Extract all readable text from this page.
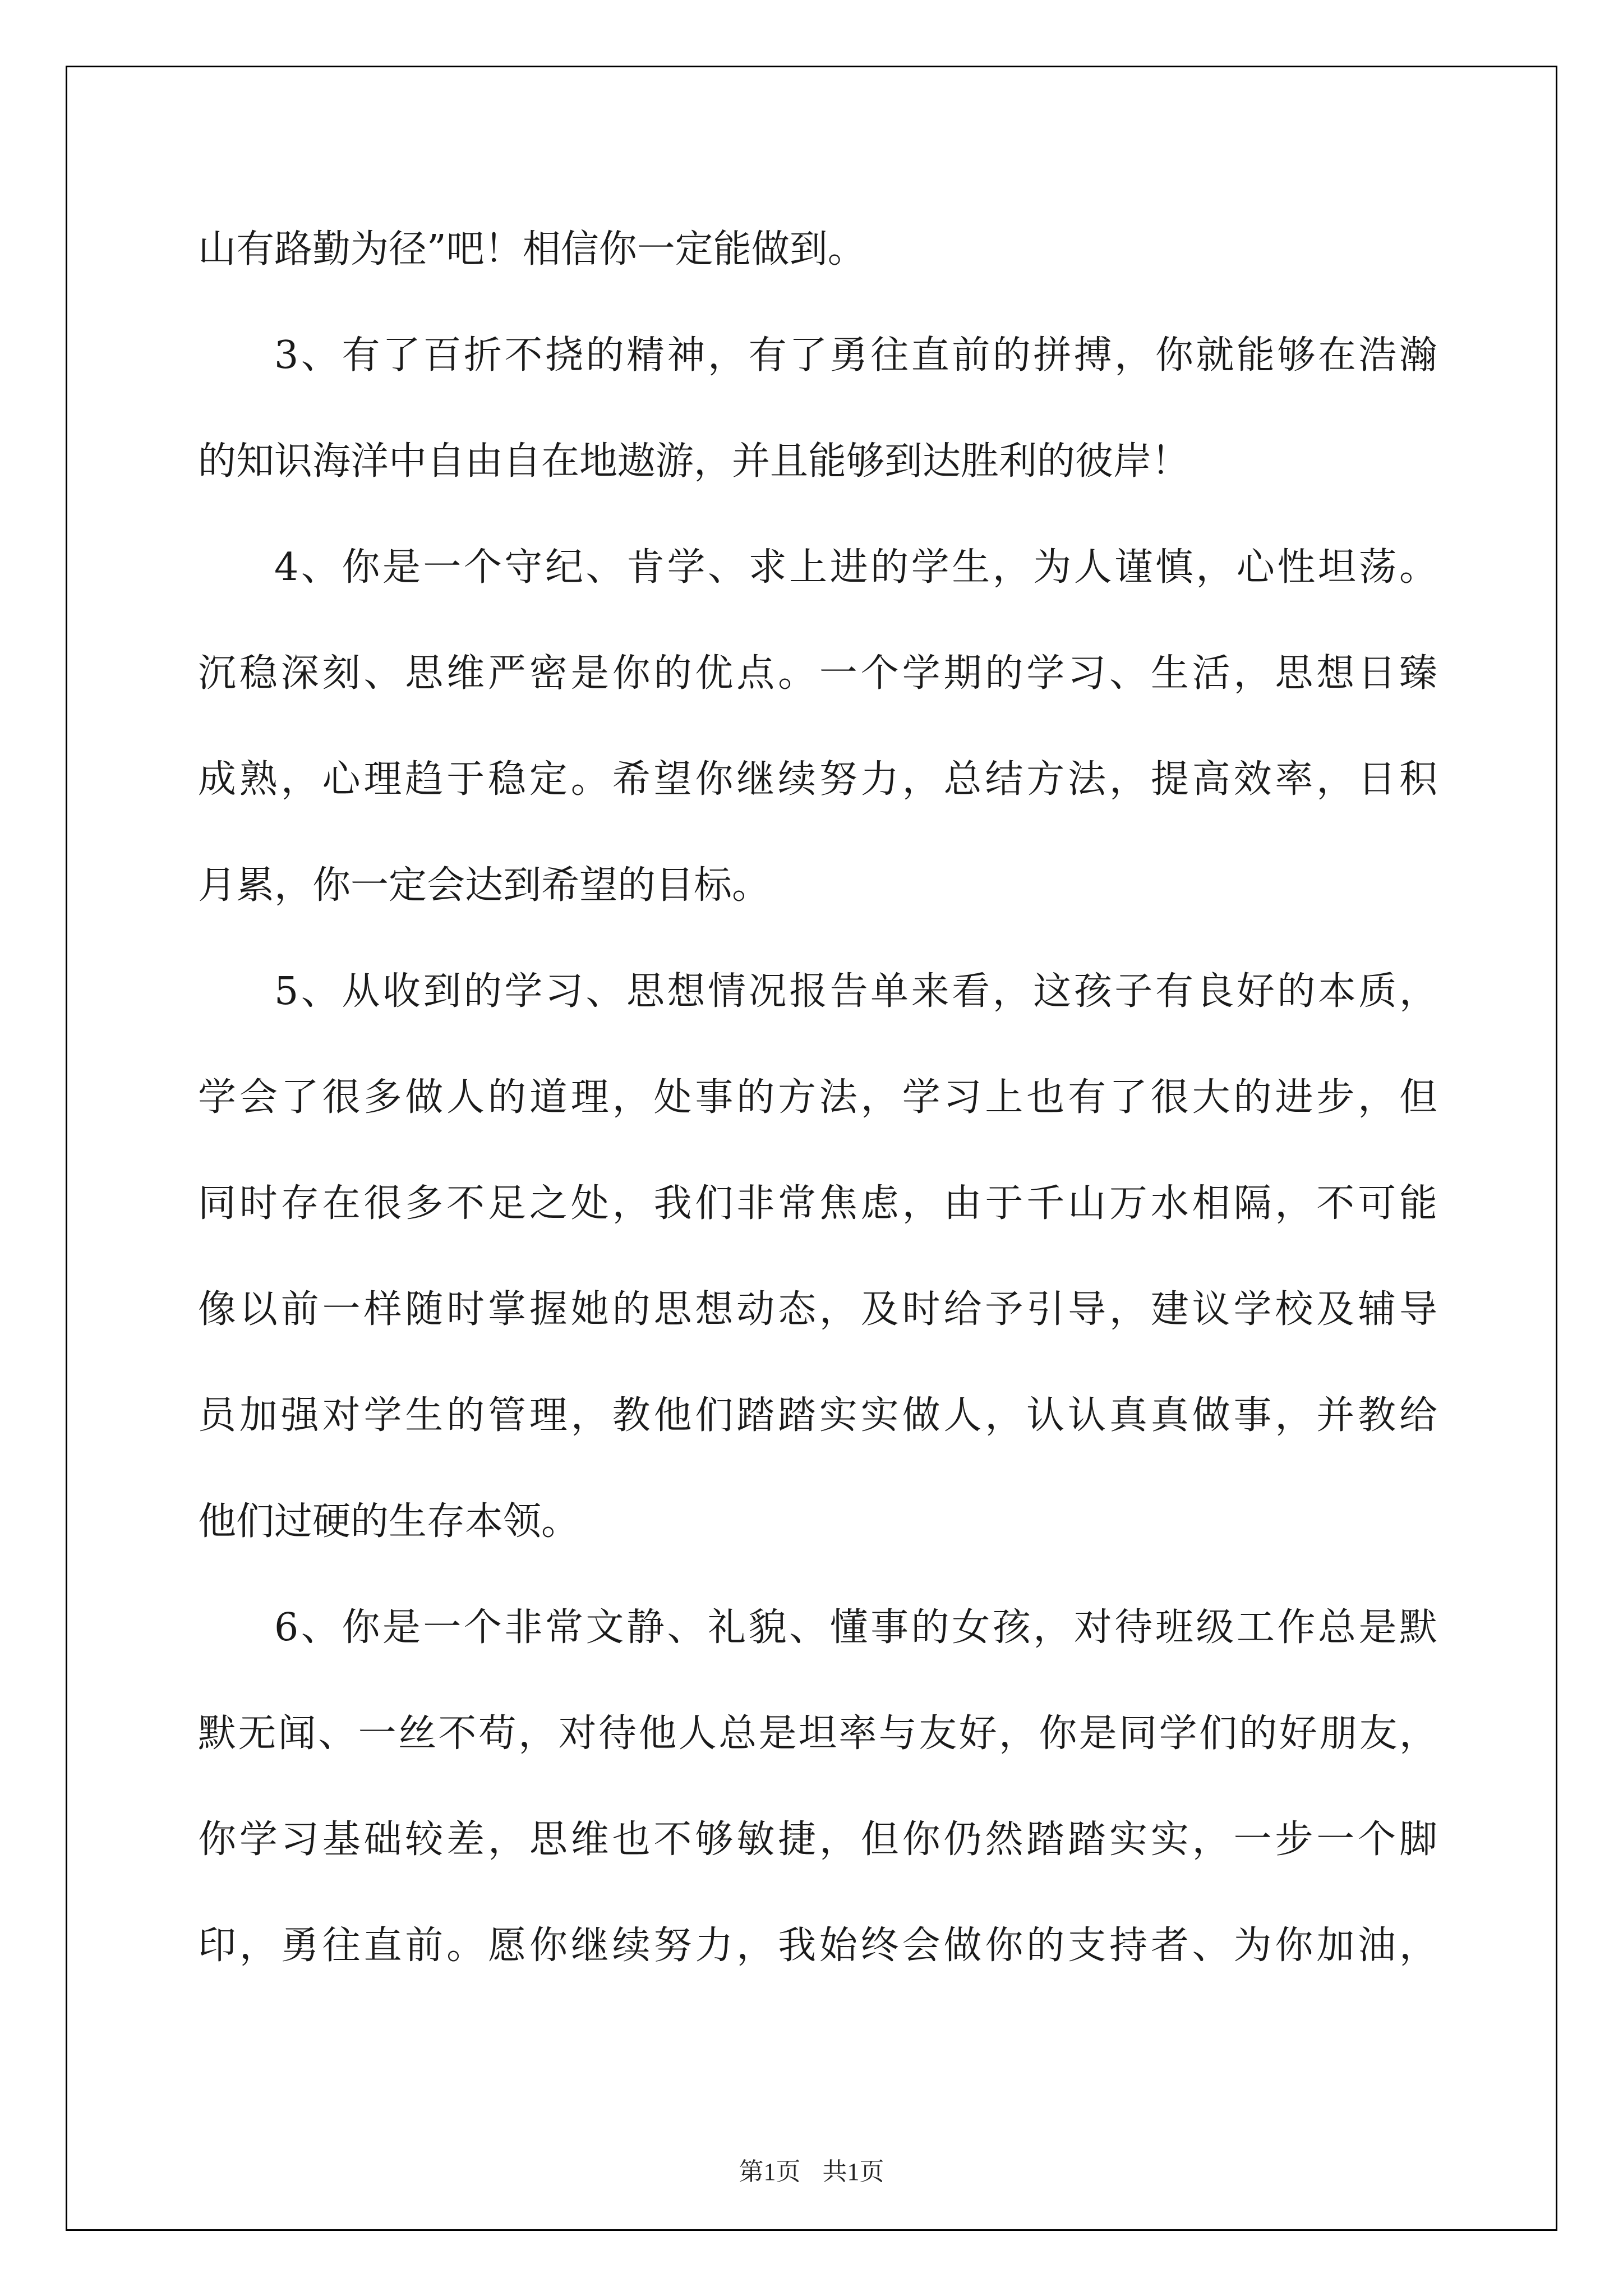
山有路勤为径”吧！相信你一定能做到。
3、有了百折不挠的精神，有了勇往直前的拼搏，你就能够在浩瀚
的知识海洋中自由自在地遨游，并且能够到达胜利的彼岸！
4、你是一个守纪、肯学、求上进的学生，为人谨慎，心性坦荡。
沉稳深刻、思维严密是你的优点。一个学期的学习、生活，思想日臻
成熟，心理趋于稳定。希望你继续努力，总结方法，提高效率，日积
月累，你一定会达到希望的目标。
5、从收到的学习、思想情况报告单来看，这孩子有良好的本质，
学会了很多做人的道理，处事的方法，学习上也有了很大的进步，但
同时存在很多不足之处，我们非常焦虑，由于千山万水相隔，不可能
像以前一样随时掌握她的思想动态，及时给予引导，建议学校及辅导
员加强对学生的管理，教他们踏踏实实做人，认认真真做事，并教给
他们过硬的生存本领。
6、你是一个非常文静、礼貌、懂事的女孩，对待班级工作总是默
默无闻、一丝不苟，对待他人总是坦率与友好，你是同学们的好朋友，
你学习基础较差，思维也不够敏捷，但你仍然踏踏实实，一步一个脚
印，勇往直前。愿你继续努力，我始终会做你的支持者、为你加油，
第1页 共1页
